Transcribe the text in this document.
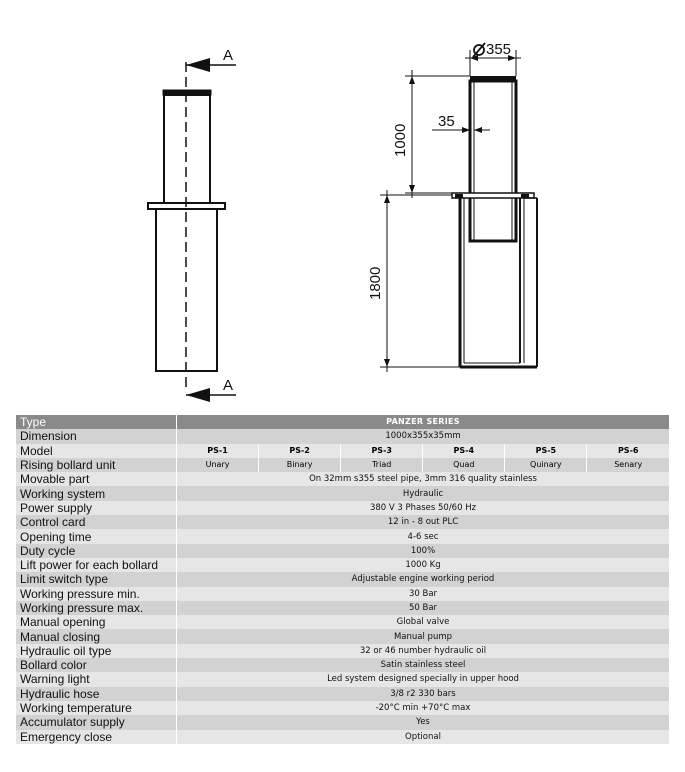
A
A
355
35
1000
1800
Type	PANZER SERIES					
Dimension	1000x355x35mm					
Model	PS-1	PS-2	PS-3	PS-4	PS-5	PS-6
Rising bollard unit	Unary	Binary	Triad	Quad	Quinary	Senary
Movable part	On 32mm s355 steel pipe, 3mm 316 quality stainless					
Working system	Hydraulic					
Power supply	380 V 3 Phases 50/60 Hz					
Control card	12 in - 8 out PLC					
Opening time	4-6 sec					
Duty cycle	100%					
Lift power for each bollard	1000 Kg					
Limit switch type	Adjustable engine working period					
Working pressure min.	30 Bar					
Working pressure max.	50 Bar					
Manual opening	Global valve					
Manual closing	Manual pump					
Hydraulic oil type	32 or 46 number hydraulic oil					
Bollard color	Satin stainless steel					
Warning light	Led system designed specially in upper hood					
Hydraulic hose	3/8 r2 330 bars					
Working temperature	-20°C min +70°C max					
Accumulator supply	Yes					
Emergency close	Optional					
